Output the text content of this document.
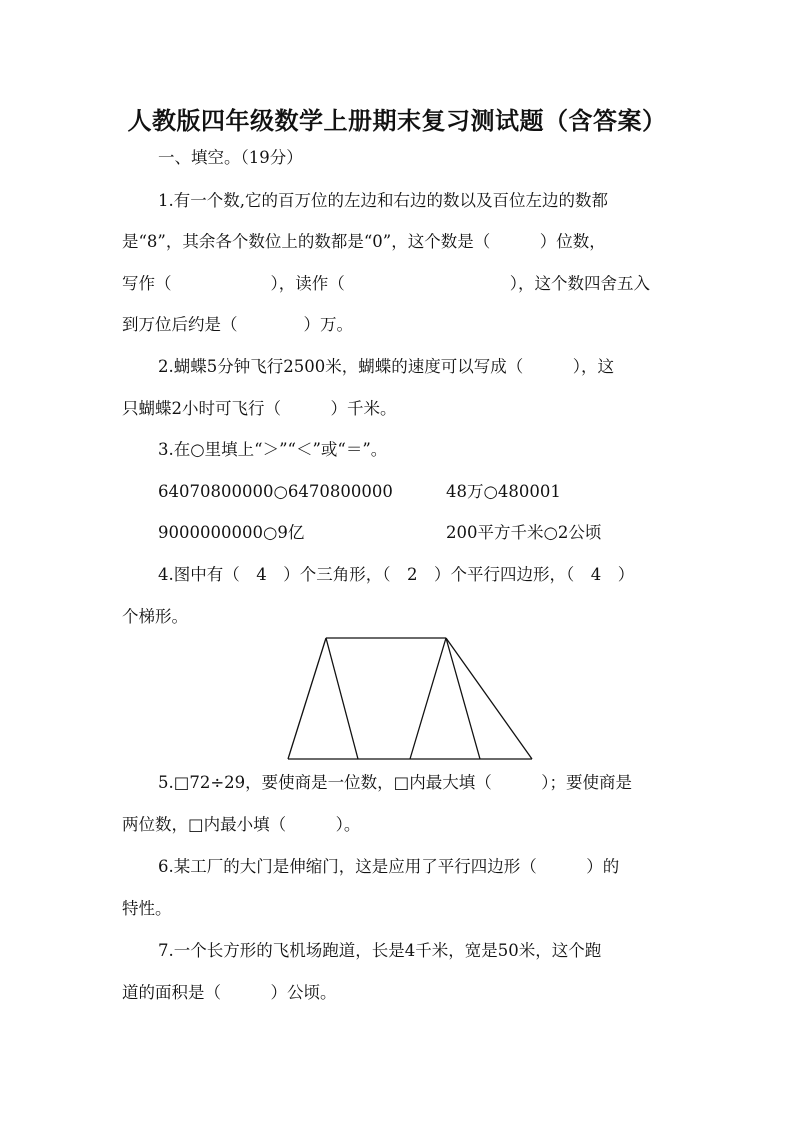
人教版四年级数学上册期末复习测试题（含答案）
一、填空。（19分）
1.有一个数,它的百万位的左边和右边的数以及百位左边的数都
是“8”，其余各个数位上的数都是“0”，这个数是（　　　）位数，
写作（　　　　　　），读作（　　　　　　　　　　），这个数四舍五入
到万位后约是（　　　　）万。
2.蝴蝶5分钟飞行2500米，蝴蝶的速度可以写成（　　　），这
只蝴蝶2小时可飞行（　　　）千米。
3.在○里填上“＞”“＜”或“＝”。
64070800000○6470800000	48万○480001
9000000000○9亿	200平方千米○2公顷
4.图中有（　4　）个三角形，（　2　）个平行四边形，（　4　）
个梯形。
5.□72÷29，要使商是一位数，□内最大填（　　　）；要使商是
两位数，□内最小填（　　　）。
6.某工厂的大门是伸缩门，这是应用了平行四边形（　　　）的
特性。
7.一个长方形的飞机场跑道，长是4千米，宽是50米，这个跑
道的面积是（　　　）公顷。
